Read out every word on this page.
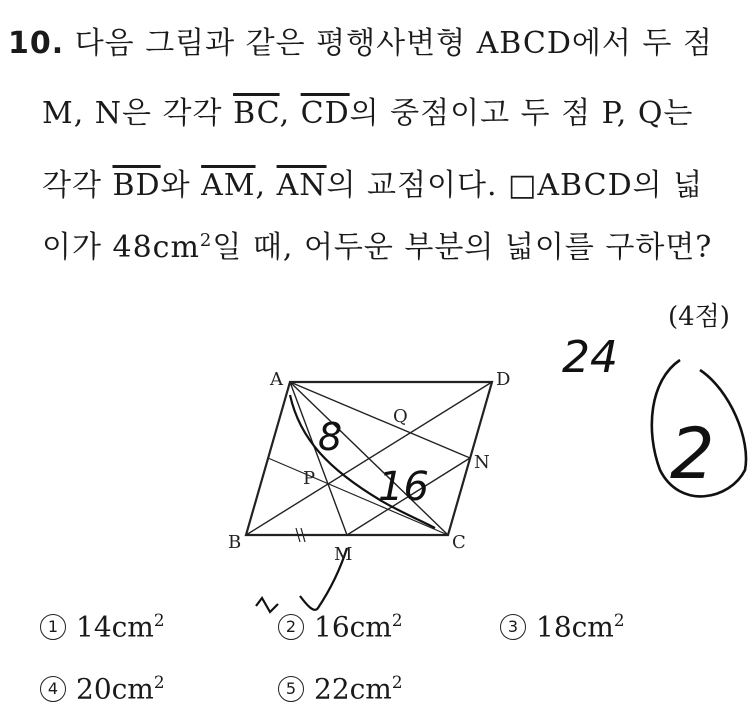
10. 다음 그림과 같은 평행사변형 ABCD에서 두 점
M, N은 각각 $\overline{BC}$, $\overline{CD}$의 중점이고 두 점 P, Q는
각각 $\overline{BD}$와 $\overline{AM}$, $\overline{AN}$의 교점이다. □ABCD의 넓
이가 $48cm^2$일 때, 어두운 부분의 넓이를 구하면?
(4점)
A	D
B	C
M
N
P
Q
24
8
16	2
1 $14cm^2$	2 $16cm^2$	3 $18cm^2$
4 $20cm^2$	5 $22cm^2$
